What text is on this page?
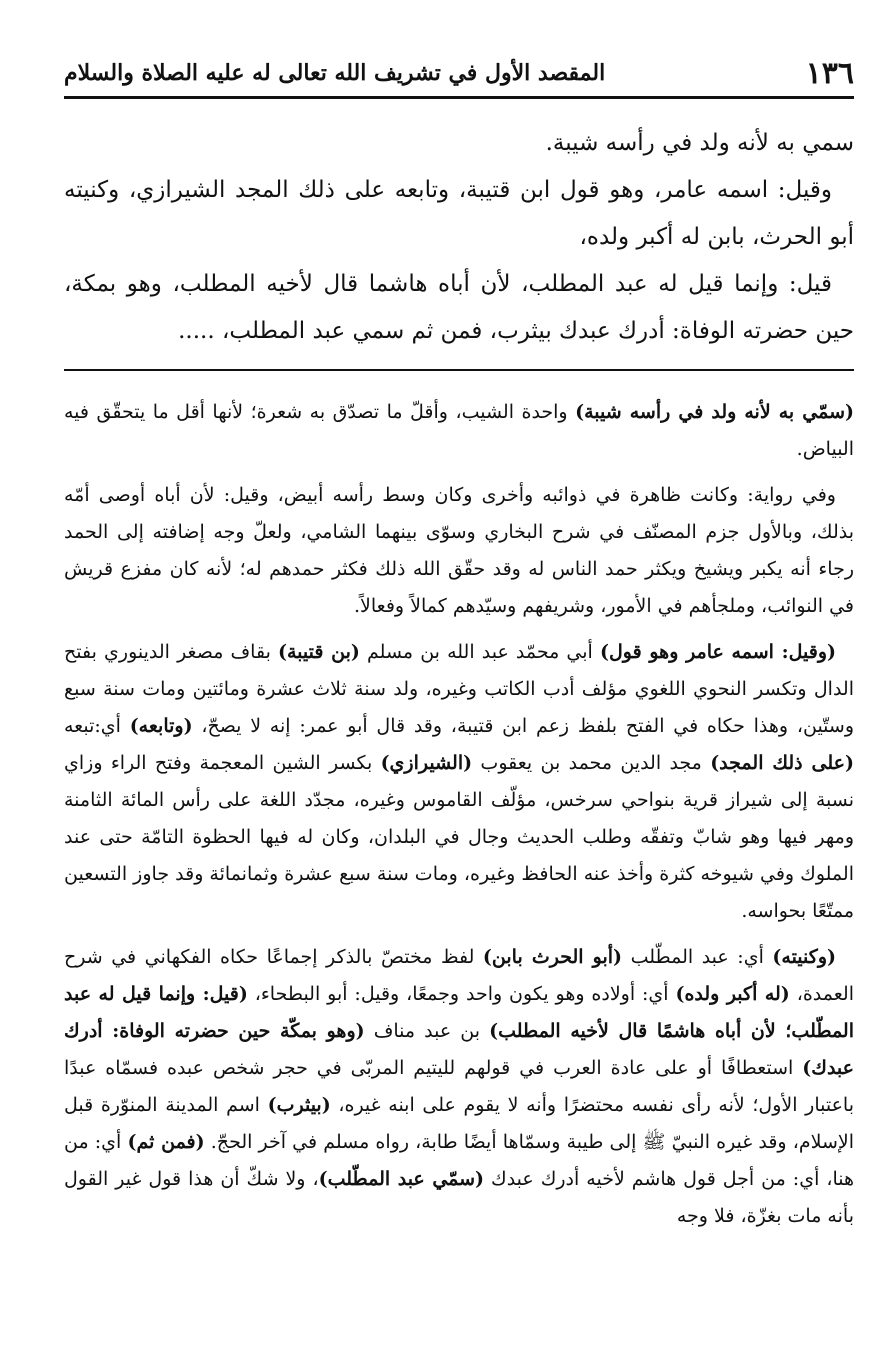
١٣٦
المقصد الأول في تشريف الله تعالى له عليه الصلاة والسلام

سمي به لأنه ولد في رأسه شيبة.

وقيل: اسمه عامر، وهو قول ابن قتيبة، وتابعه على ذلك المجد الشيرازي، وكنيته أبو الحرث، بابن له أكبر ولده،

قيل: وإنما قيل له عبد المطلب، لأن أباه هاشما قال لأخيه المطلب، وهو بمكة، حين حضرته الوفاة: أدرك عبدك بيثرب، فمن ثم سمي عبد المطلب، .....

(سمّي به لأنه ولد في رأسه شيبة) واحدة الشيب، وأقلّ ما تصدّق به شعرة؛ لأنها أقل ما يتحقّق فيه البياض.

وفي رواية: وكانت ظاهرة في ذوائبه وأخرى وكان وسط رأسه أبيض، وقيل: لأن أباه أوصى أمّه بذلك، وبالأول جزم المصنّف في شرح البخاري وسوّى بينهما الشامي، ولعلّ وجه إضافته إلى الحمد رجاء أنه يكبر ويشيخ ويكثر حمد الناس له وقد حقّق الله ذلك فكثر حمدهم له؛ لأنه كان مفزع قريش في النوائب، وملجأهم في الأمور، وشريفهم وسيّدهم كمالاً وفعالاً.

(وقيل: اسمه عامر وهو قول) أبي محمّد عبد الله بن مسلم (بن قتيبة) بقاف مصغر الدينوري بفتح الدال وتكسر النحوي اللغوي مؤلف أدب الكاتب وغيره، ولد سنة ثلاث عشرة ومائتين ومات سنة سبع وستّين، وهذا حكاه في الفتح بلفظ زعم ابن قتيبة، وقد قال أبو عمر: إنه لا يصحّ، (وتابعه) أي:تبعه (على ذلك المجد) مجد الدين محمد بن يعقوب (الشيرازي) بكسر الشين المعجمة وفتح الراء وزاي نسبة إلى شيراز قرية بنواحي سرخس، مؤلّف القاموس وغيره، مجدّد اللغة على رأس المائة الثامنة ومهر فيها وهو شابّ وتفقّه وطلب الحديث وجال في البلدان، وكان له فيها الحظوة التامّة حتى عند الملوك وفي شيوخه كثرة وأخذ عنه الحافظ وغيره، ومات سنة سبع عشرة وثمانمائة وقد جاوز التسعين ممتّعًا بحواسه.

(وكنيته) أي: عبد المطّلب (أبو الحرث بابن) لفظ مختصّ بالذكر إجماعًا حكاه الفكهاني في شرح العمدة، (له أكبر ولده) أي: أولاده وهو يكون واحد وجمعًا، وقيل: أبو البطحاء، (قيل: وإنما قيل له عبد المطّلب؛ لأن أباه هاشمًا قال لأخيه المطلب) بن عبد مناف (وهو بمكّة حين حضرته الوفاة: أدرك عبدك) استعطافًا أو على عادة العرب في قولهم لليتيم المربّى في حجر شخص عبده فسمّاه عبدًا باعتبار الأول؛ لأنه رأى نفسه محتضرًا وأنه لا يقوم على ابنه غيره، (بيثرب) اسم المدينة المنوّرة قبل الإسلام، وقد غيره النبيّ ﷺ إلى طيبة وسمّاها أيضًا طابة، رواه مسلم في آخر الحجّ. (فمن ثم) أي: من هنا، أي: من أجل قول هاشم لأخيه أدرك عبدك (سمّي عبد المطّلب)، ولا شكّ أن هذا قول غير القول بأنه مات بغزّة، فلا وجه
